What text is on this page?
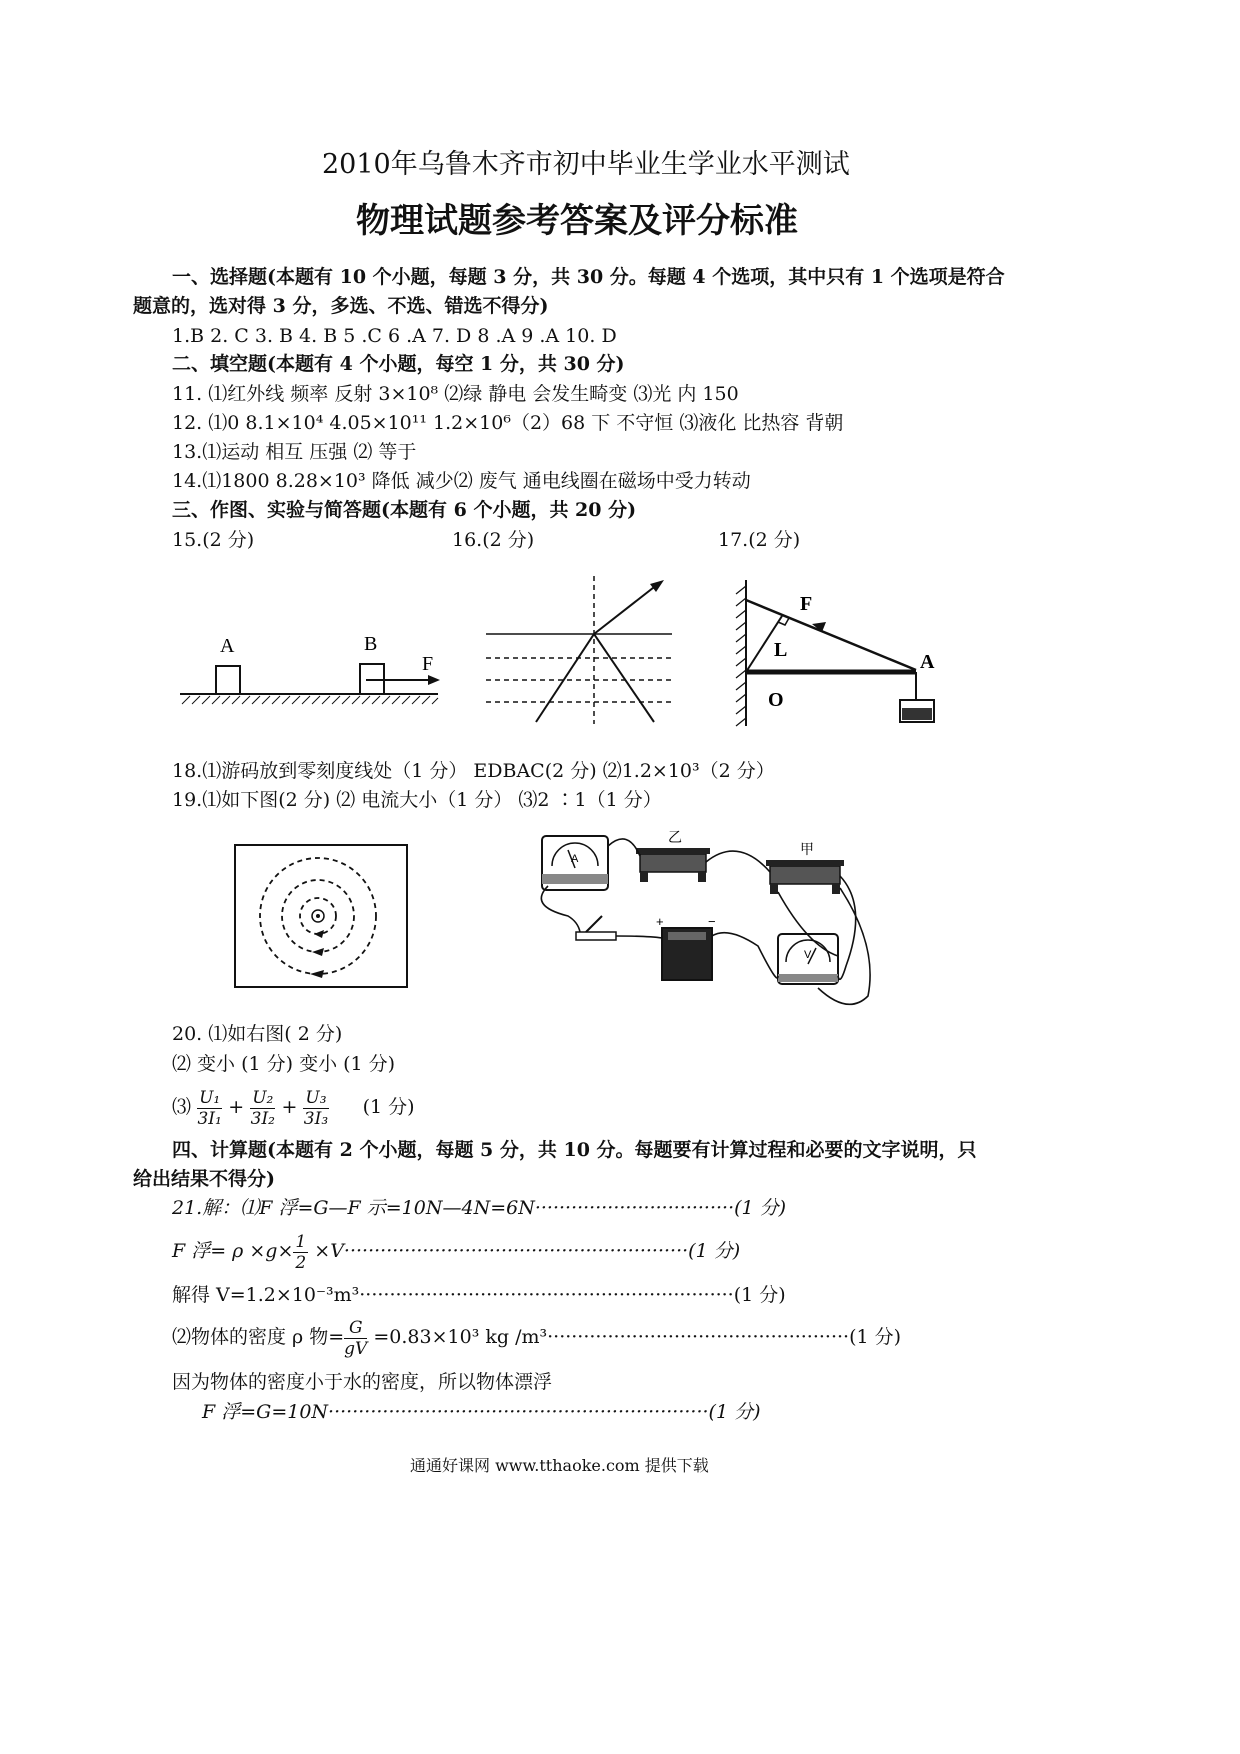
2010年乌鲁木齐市初中毕业生学业水平测试
物理试题参考答案及评分标准
一、选择题(本题有 10 个小题，每题 3 分，共 30 分。每题 4 个选项，其中只有 1 个选项是符合
题意的，选对得 3 分，多选、不选、错选不得分)
1.B 2. C 3. B 4. B 5 .C 6 .A 7. D 8 .A 9 .A 10. D
二、填空题(本题有 4 个小题，每空 1 分，共 30 分)
11. ⑴红外线 频率 反射 3×10⁸ ⑵绿 静电 会发生畸变 ⑶光 内 150
12. ⑴0 8.1×10⁴ 4.05×10¹¹ 1.2×10⁶（2）68 下 不守恒 ⑶液化 比热容 背朝
13.⑴运动 相互 压强 ⑵ 等于
14.⑴1800 8.28×10³ 降低 减少⑵ 废气 通电线圈在磁场中受力转动
三、作图、实验与简答题(本题有 6 个小题，共 20 分)
15.(2 分)	16.(2 分)	17.(2 分)
A	B
F
F
L
O
A
18.⑴游码放到零刻度线处（1 分） EDBAC(2 分) ⑵1.2×10³（2 分）
19.⑴如下图(2 分) ⑵ 电流大小（1 分） ⑶2 ∶1（1 分）
A
乙
甲
+	−
V
20. ⑴如右图( 2 分)
⑵ 变小 (1 分) 变小 (1 分)
⑶ $\frac{\text{U₁}}{\text{3I₁}} + \frac{\text{U₂}}{\text{3I₂}} + \frac{\text{U₃}}{\text{3I₃}} (1$ 分)
四、计算题(本题有 2 个小题，每题 5 分，共 10 分。每题要有计算过程和必要的文字说明，只
给出结果不得分)
21.解：⑴F 浮=G—F 示=10N—4N=6N·································(1 分)
F 浮= $\rho \times g\times \frac{1}{2} \times V\cdot\cdot\cdot\cdot\cdot\cdot\cdot\cdot\cdot\cdot\cdot\cdot\cdot\cdot\cdot\cdot\cdot\cdot\cdot\cdot\cdot\cdot\cdot\cdot\cdot\cdot\cdot\cdot\cdot\cdot\cdot\cdot\cdot\cdot\cdot\cdot\cdot\cdot\cdot\cdot\cdot\cdot\cdot\cdot\cdot\cdot\cdot\cdot\cdot\cdot\cdot\cdot\cdot\cdot\cdot\cdot\cdot(1$ 分)
解得 V=1.2×10⁻³m³······························································(1 分)
⑵物体的密度 ρ 物= $\frac{G}{gV} =0.83\times 10^3$ kg /m³··················································(1 分)
因为物体的密度小于水的密度，所以物体漂浮
F 浮=G=10N·······························································(1 分)
通通好课网 www.tthaoke.com 提供下载
